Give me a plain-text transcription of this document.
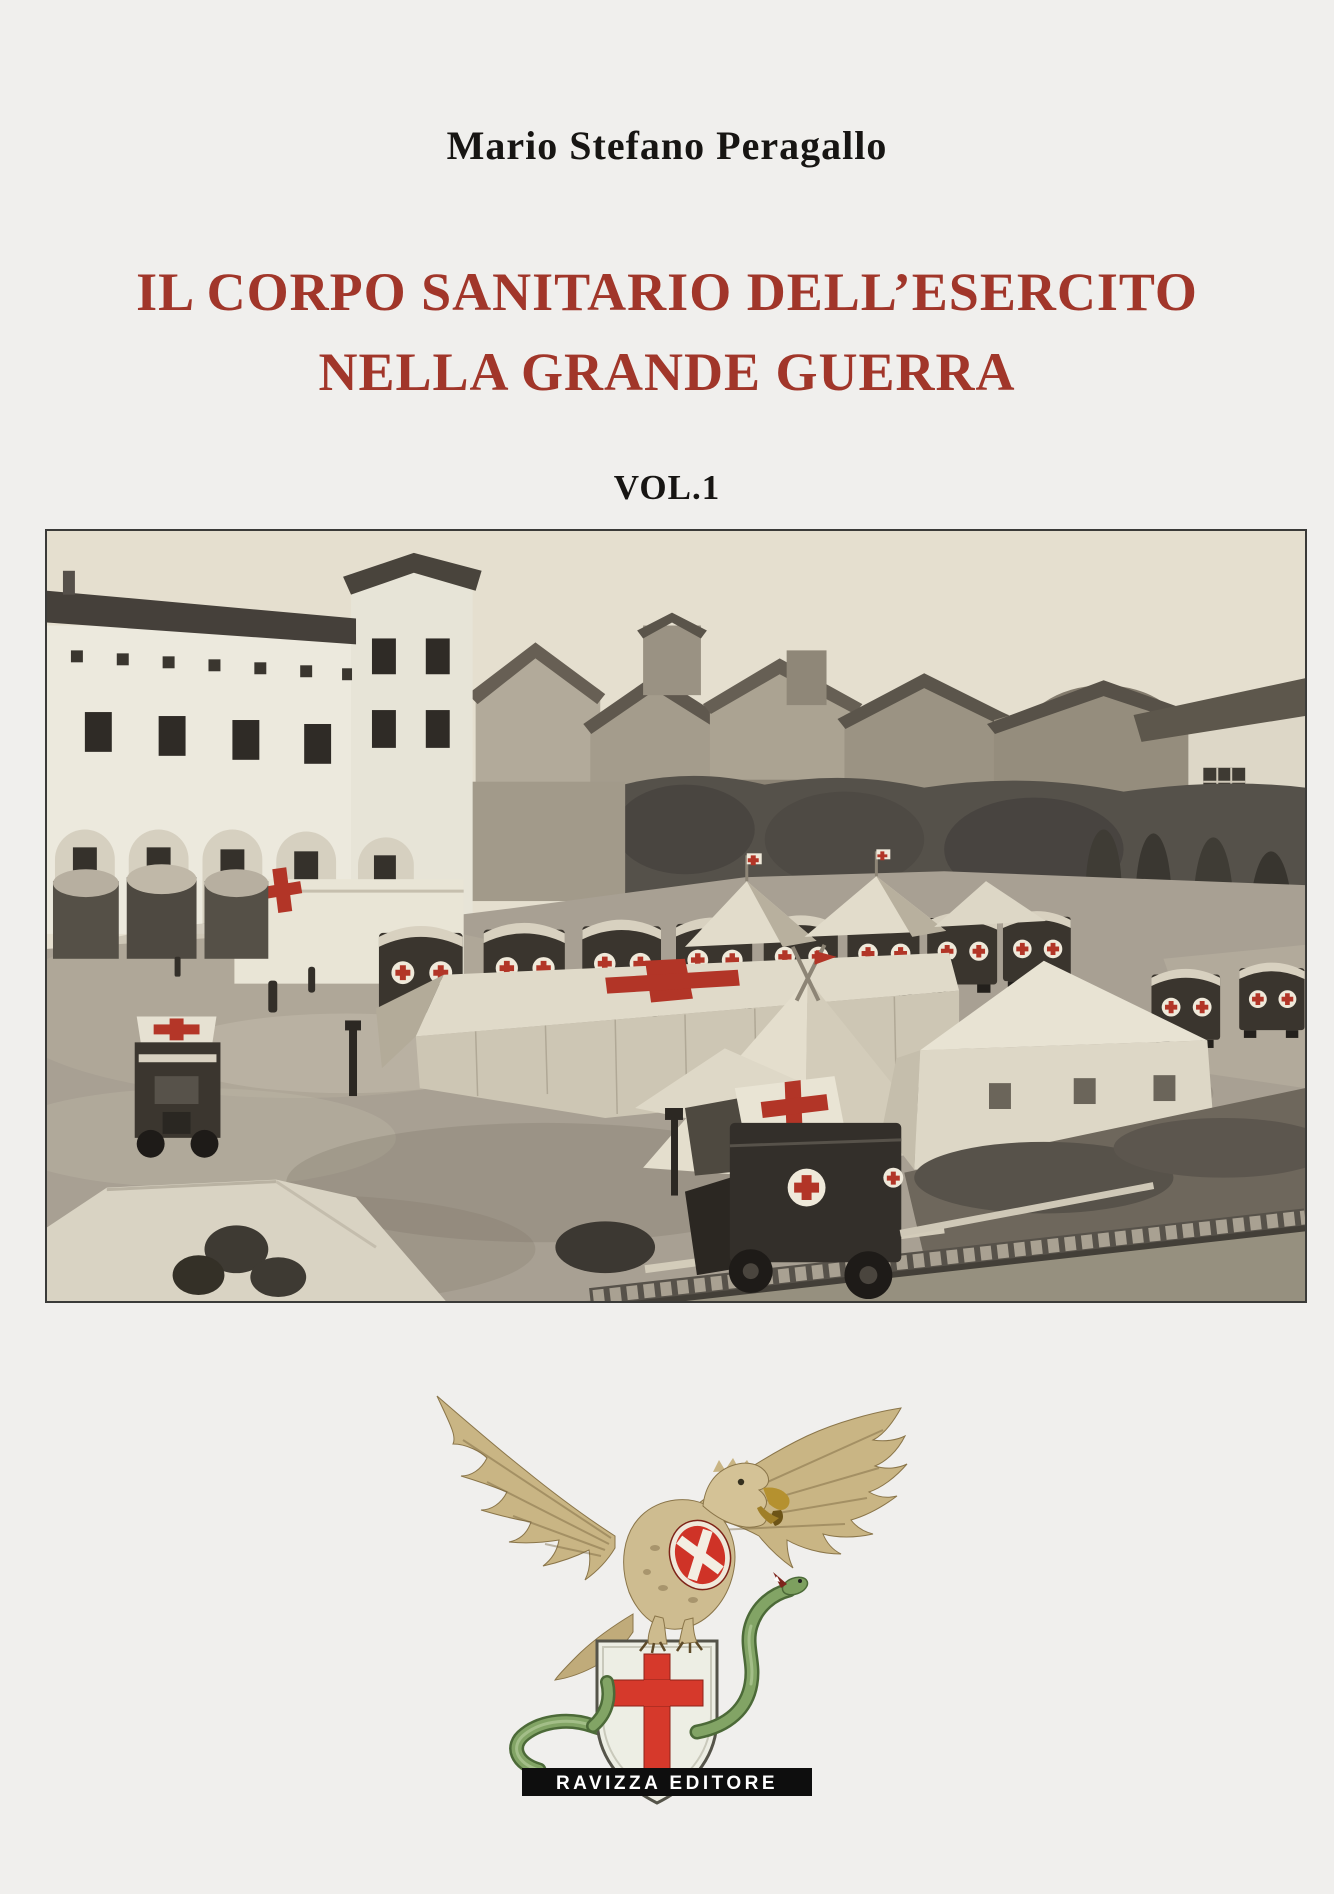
Mario Stefano Peragallo
IL CORPO SANITARIO DELL’ESERCITO
NELLA GRANDE GUERRA
VOL.1
RAVIZZA EDITORE
